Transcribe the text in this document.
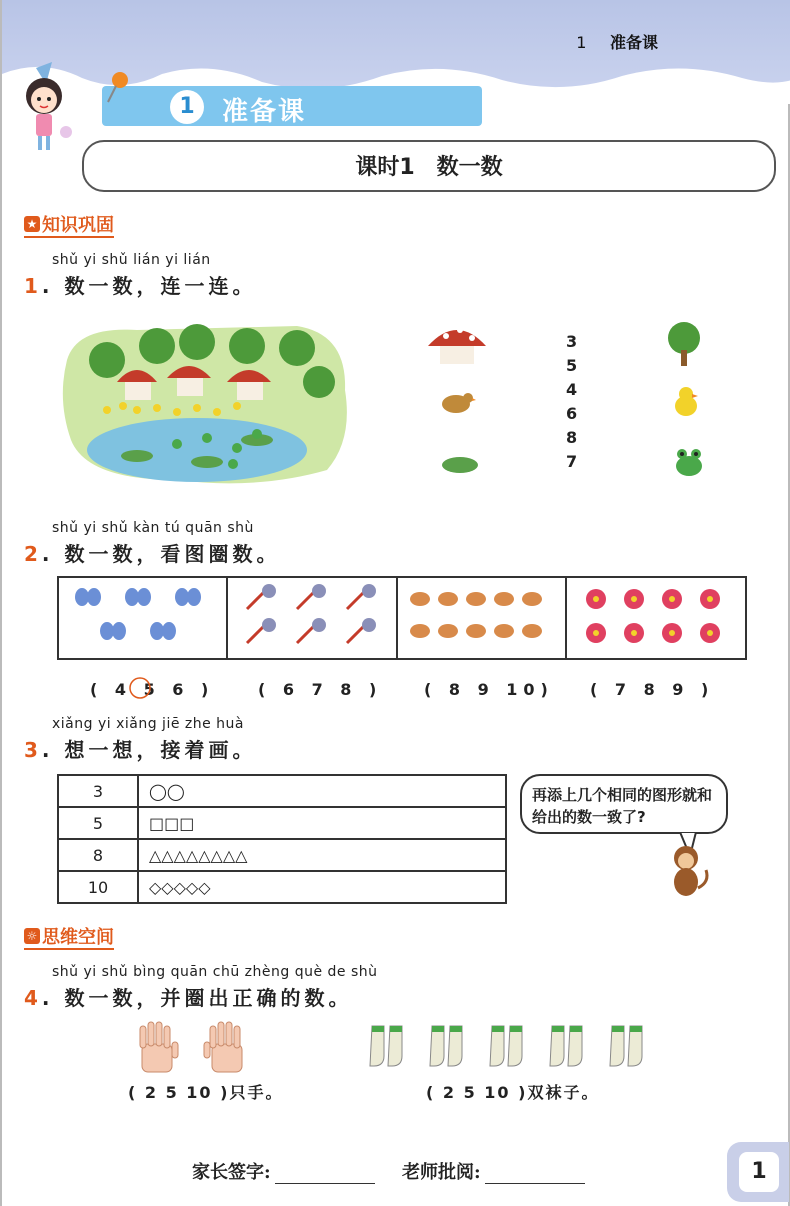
1 准备课
1	准备课
课时1　数一数
★ 知识巩固
shǔ yi shǔ lián yi lián
1. 数一数，连一连。
3
5
4
6
8
7
shǔ yi shǔ kàn tú quān shù
2. 数一数，看图圈数。

( 4 5 6 )	( 6 7 8 )	( 8 9 10) ( 7 8 9 )
xiǎng yi xiǎng jiē zhe huà
3. 想一想，接着画。
3	◯◯
5	□□□
8	△△△△△△△△
10	◇◇◇◇◇
再添上几个相同的图形就和给出的数一致了?
☼ 思维空间
shǔ yi shǔ bìng quān chū zhèng què de shù
4. 数一数，并圈出正确的数。
( 2 5 10 )只手。	( 2 5 10 )双袜子。
家长签字:	老师批阅:	1
